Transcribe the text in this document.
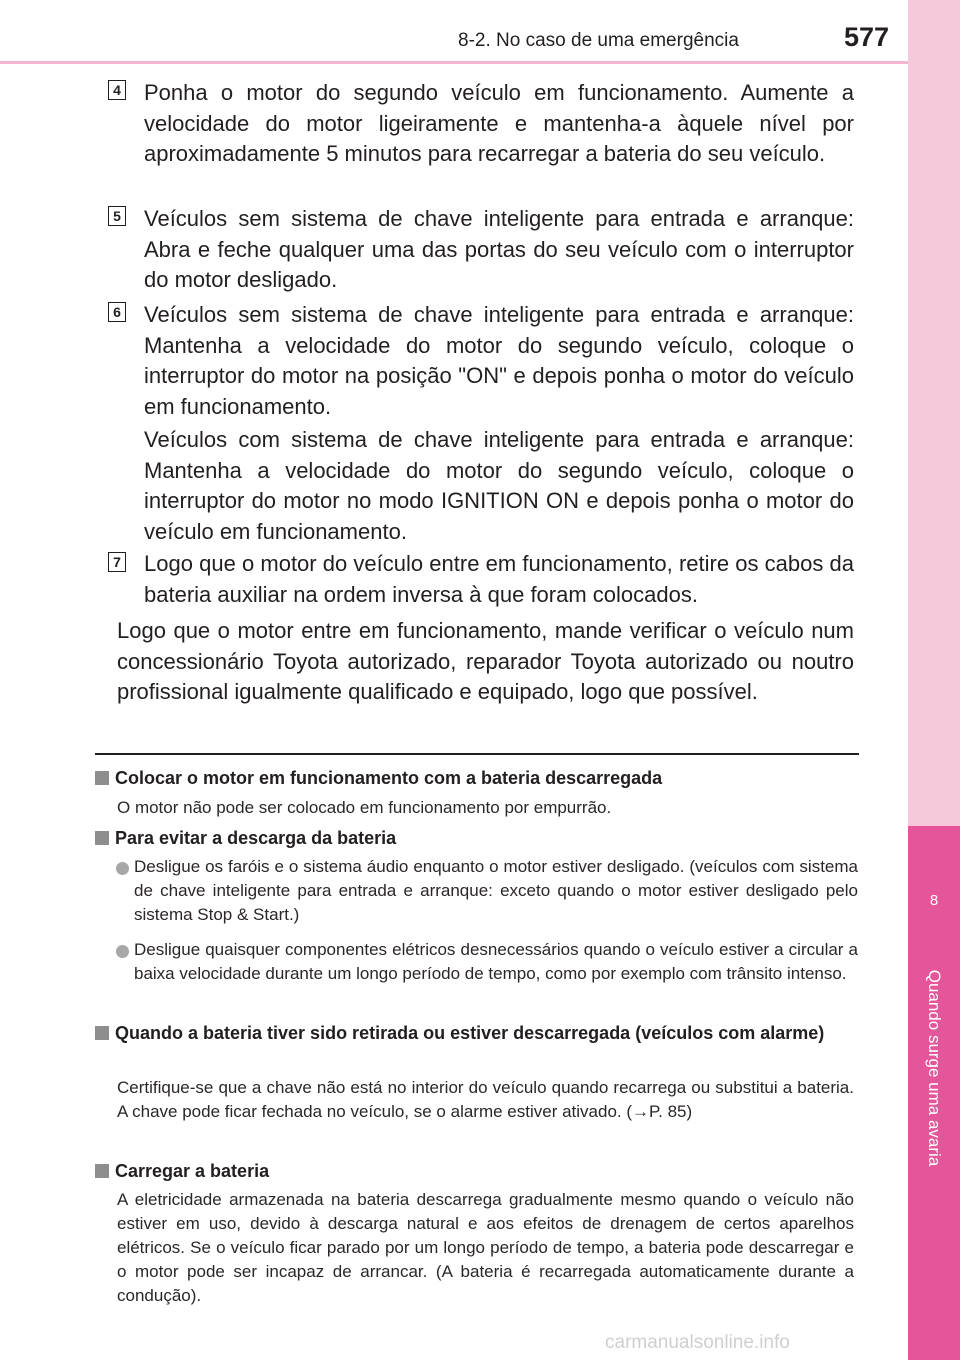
8-2. No caso de uma emergência	577
8
Quando surge uma avaria
4 Ponha o motor do segundo veículo em funcionamento. Aumente a velocidade do motor ligeiramente e mantenha-a àquele nível por aproximadamente 5 minutos para recarregar a bateria do seu veículo.

5 Veículos sem sistema de chave inteligente para entrada e arranque: Abra e feche qualquer uma das portas do seu veículo com o interruptor do motor desligado.

6 Veículos sem sistema de chave inteligente para entrada e arranque: Mantenha a velocidade do motor do segundo veículo, coloque o interruptor do motor na posição "ON" e depois ponha o motor do veículo em funcionamento.

Veículos com sistema de chave inteligente para entrada e arranque: Mantenha a velocidade do motor do segundo veículo, coloque o interruptor do motor no modo IGNITION ON e depois ponha o motor do veículo em funcionamento.

7 Logo que o motor do veículo entre em funcionamento, retire os cabos da bateria auxiliar na ordem inversa à que foram colocados.

Logo que o motor entre em funcionamento, mande verificar o veículo num concessionário Toyota autorizado, reparador Toyota autorizado ou noutro profissional igualmente qualificado e equipado, logo que possível.

Colocar o motor em funcionamento com a bateria descarregada

O motor não pode ser colocado em funcionamento por empurrão.

Para evitar a descarga da bateria

Desligue os faróis e o sistema áudio enquanto o motor estiver desligado. (veículos com sistema de chave inteligente para entrada e arranque: exceto quando o motor estiver desligado pelo sistema Stop & Start.)

Desligue quaisquer componentes elétricos desnecessários quando o veículo estiver a circular a baixa velocidade durante um longo período de tempo, como por exemplo com trânsito intenso.

Quando a bateria tiver sido retirada ou estiver descarregada (veículos com alarme)

Certifique-se que a chave não está no interior do veículo quando recarrega ou substitui a bateria. A chave pode ficar fechada no veículo, se o alarme estiver ativado. (→P. 85)

Carregar a bateria

A eletricidade armazenada na bateria descarrega gradualmente mesmo quando o veículo não estiver em uso, devido à descarga natural e aos efeitos de drenagem de certos aparelhos elétricos. Se o veículo ficar parado por um longo período de tempo, a bateria pode descarregar e o motor pode ser incapaz de arrancar. (A bateria é recarregada automaticamente durante a condução).

carmanualsonline.info
